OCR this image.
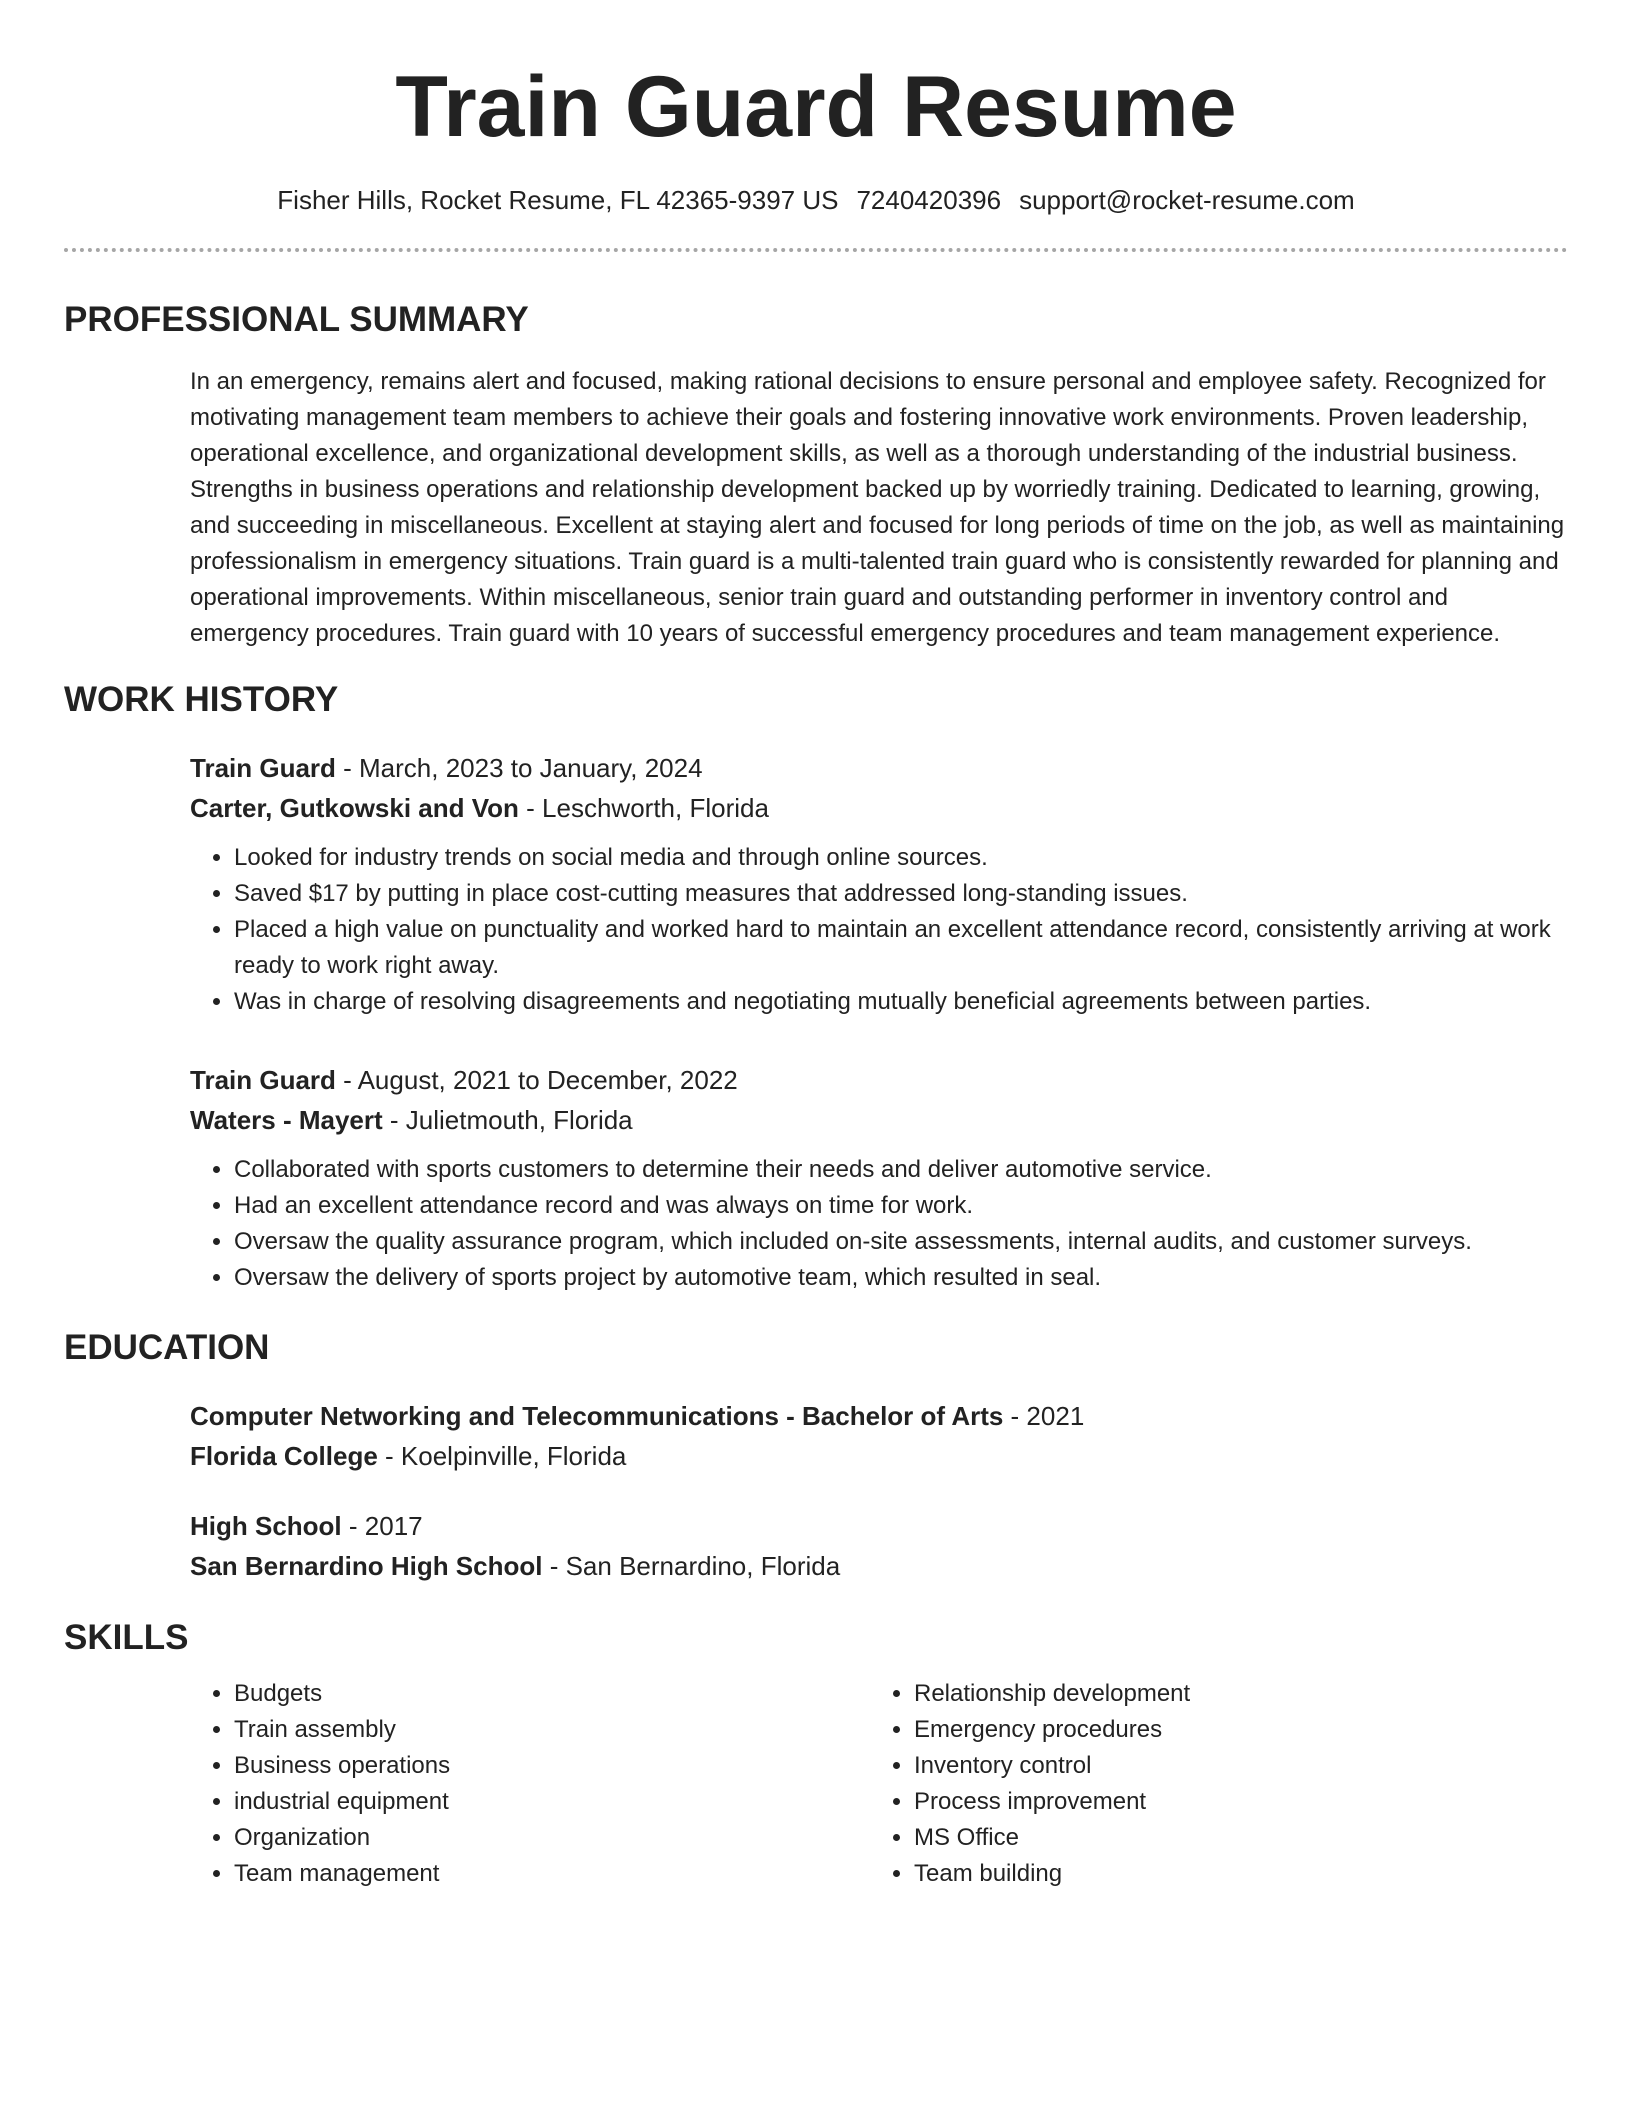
Train Guard Resume
Fisher Hills, Rocket Resume, FL 42365-9397 US 7240420396 support@rocket-resume.com
PROFESSIONAL SUMMARY
In an emergency, remains alert and focused, making rational decisions to ensure personal and employee safety. Recognized for motivating management team members to achieve their goals and fostering innovative work environments. Proven leadership, operational excellence, and organizational development skills, as well as a thorough understanding of the industrial business. Strengths in business operations and relationship development backed up by worriedly training. Dedicated to learning, growing, and succeeding in miscellaneous. Excellent at staying alert and focused for long periods of time on the job, as well as maintaining professionalism in emergency situations. Train guard is a multi-talented train guard who is consistently rewarded for planning and operational improvements. Within miscellaneous, senior train guard and outstanding performer in inventory control and emergency procedures. Train guard with 10 years of successful emergency procedures and team management experience.
WORK HISTORY
Train Guard - March, 2023 to January, 2024
Carter, Gutkowski and Von - Leschworth, Florida
• Looked for industry trends on social media and through online sources.
• Saved $17 by putting in place cost-cutting measures that addressed long-standing issues.
• Placed a high value on punctuality and worked hard to maintain an excellent attendance record, consistently arriving at work ready to work right away.
• Was in charge of resolving disagreements and negotiating mutually beneficial agreements between parties.
Train Guard - August, 2021 to December, 2022
Waters - Mayert - Julietmouth, Florida
• Collaborated with sports customers to determine their needs and deliver automotive service.
• Had an excellent attendance record and was always on time for work.
• Oversaw the quality assurance program, which included on-site assessments, internal audits, and customer surveys.
• Oversaw the delivery of sports project by automotive team, which resulted in seal.
EDUCATION
Computer Networking and Telecommunications - Bachelor of Arts - 2021
Florida College - Koelpinville, Florida
High School - 2017
San Bernardino High School - San Bernardino, Florida
SKILLS
• Budgets
• Train assembly
• Business operations
• industrial equipment
• Organization
• Team management
• Relationship development
• Emergency procedures
• Inventory control
• Process improvement
• MS Office
• Team building
